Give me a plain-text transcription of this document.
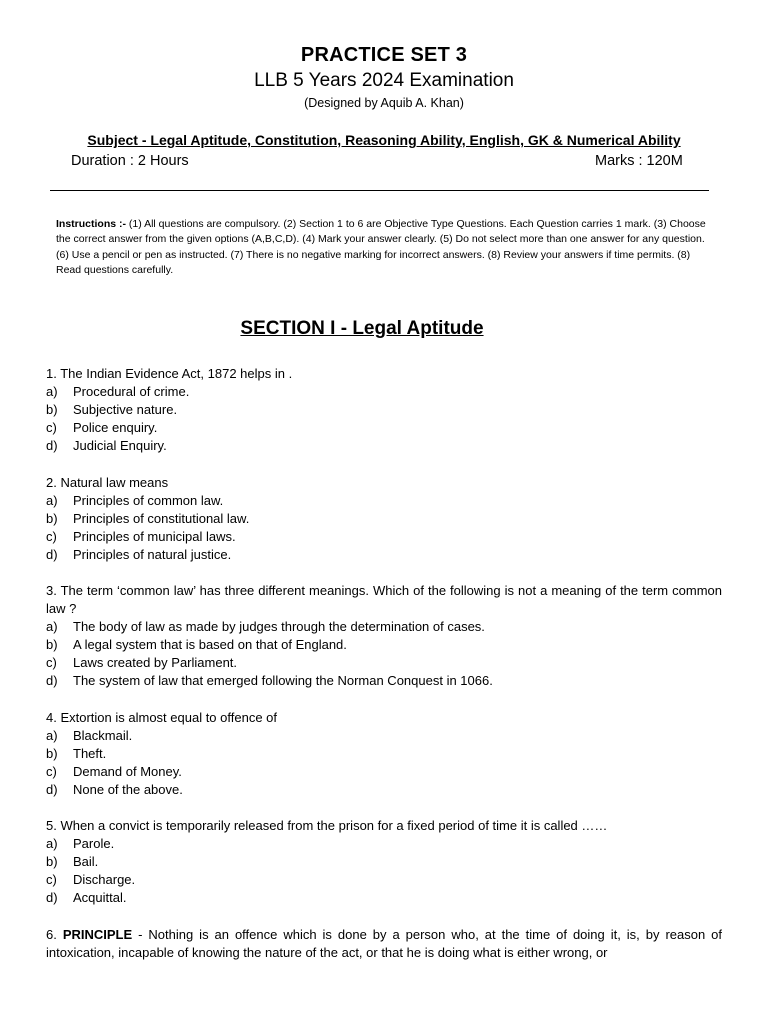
PRACTICE SET 3
LLB 5 Years 2024 Examination
(Designed by Aquib A. Khan)
Subject - Legal Aptitude, Constitution, Reasoning Ability, English, GK & Numerical Ability
Duration : 2 Hours	Marks : 120M
Instructions :- (1) All questions are compulsory. (2) Section 1 to 6 are Objective Type Questions. Each Question carries 1 mark. (3) Choose the correct answer from the given options (A,B,C,D). (4) Mark your answer clearly. (5) Do not select more than one answer for any question. (6) Use a pencil or pen as instructed. (7) There is no negative marking for incorrect answers. (8) Review your answers if time permits. (8) Read questions carefully.
SECTION I - Legal Aptitude
1. The Indian Evidence Act, 1872 helps in .
a)	Procedural of crime.
b)	Subjective nature.
c)	Police enquiry.
d)	Judicial Enquiry.
2. Natural law means
a)	Principles of common law.
b)	Principles of constitutional law.
c)	Principles of municipal laws.
d)	Principles of natural justice.
3. The term ‘common law’ has three different meanings. Which of the following is not a meaning of the term common law ?
a)	The body of law as made by judges through the determination of cases.
b)	A legal system that is based on that of England.
c)	Laws created by Parliament.
d)	The system of law that emerged following the Norman Conquest in 1066.
4. Extortion is almost equal to offence of
a)	Blackmail.
b)	Theft.
c)	Demand of Money.
d)	None of the above.
5. When a convict is temporarily released from the prison for a fixed period of time it is called ……
a)	Parole.
b)	Bail.
c)	Discharge.
d)	Acquittal.
6. PRINCIPLE - Nothing is an offence which is done by a person who, at the time of doing it, is, by reason of intoxication, incapable of knowing the nature of the act, or that he is doing what is either wrong, or
